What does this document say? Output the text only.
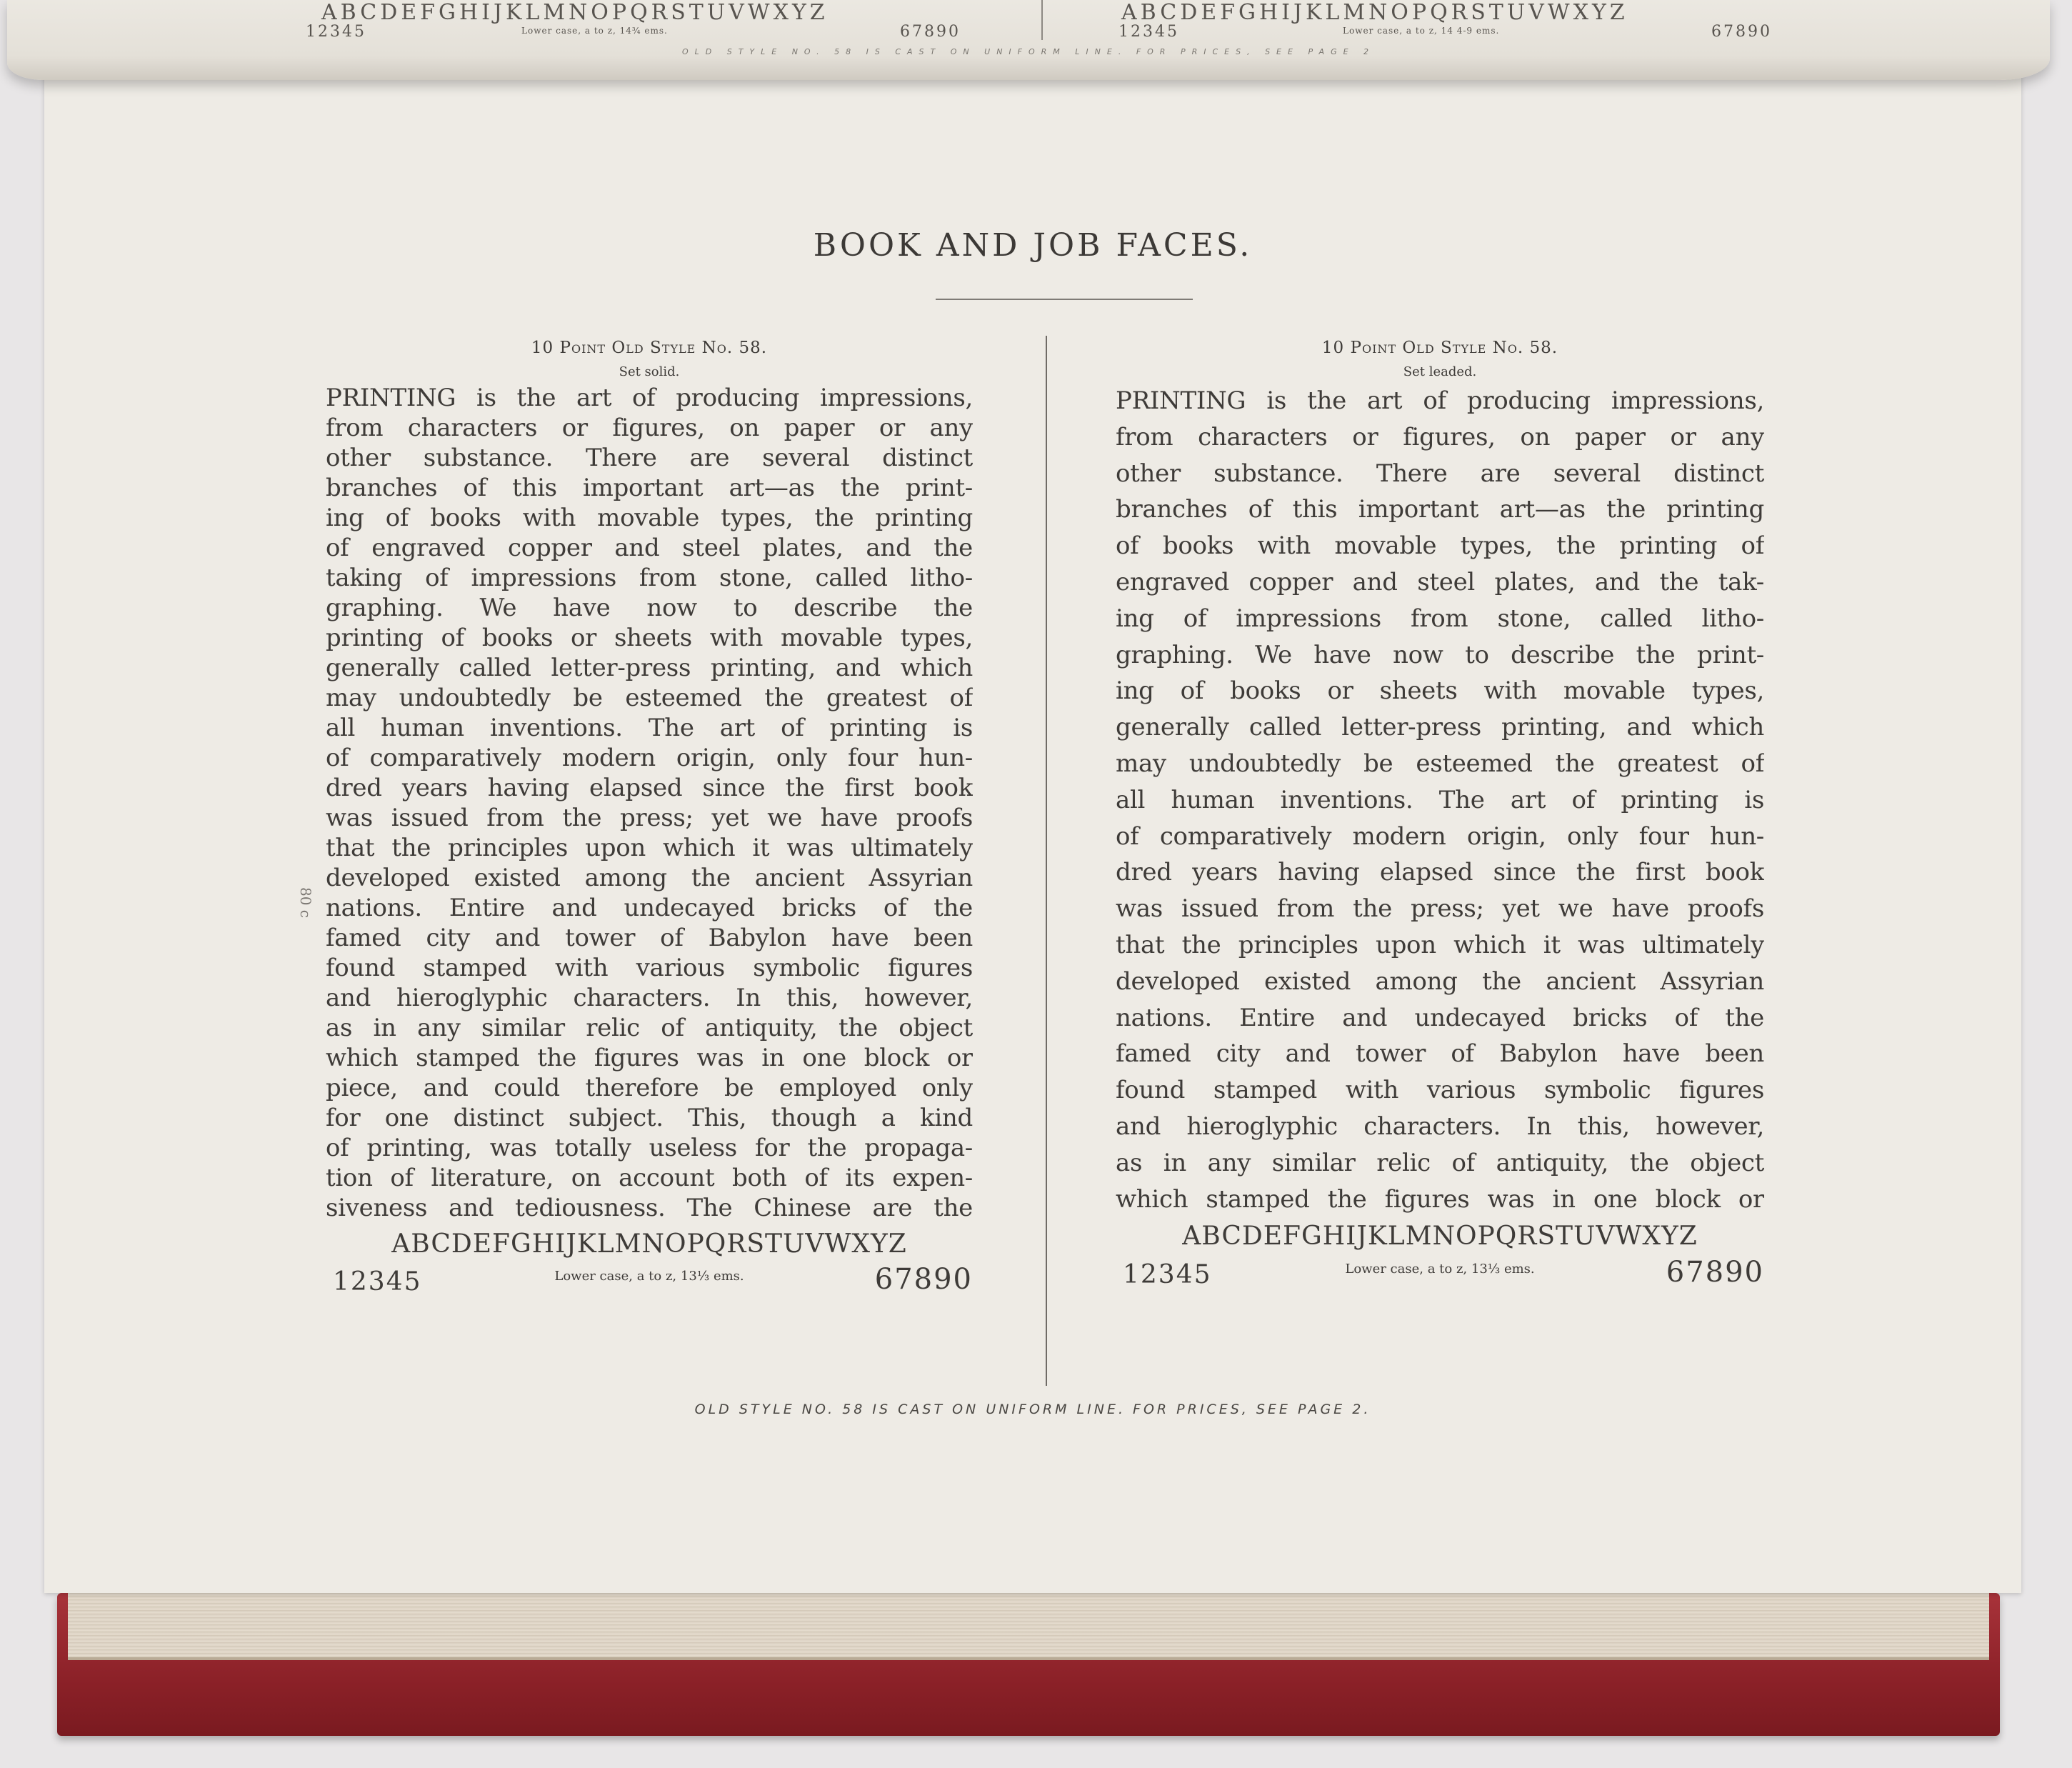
BOOK AND JOB FACES.
80 c
10 Point Old Style No. 58.
Set solid.
PRINTING is the art of producing impressions,
from characters or figures, on paper or any
other substance. There are several distinct
branches of this important art—as the print-
ing of books with movable types, the printing
of engraved copper and steel plates, and the
taking of impressions from stone, called litho-
graphing. We have now to describe the
printing of books or sheets with movable types,
generally called letter-press printing, and which
may undoubtedly be esteemed the greatest of
all human inventions. The art of printing is
of comparatively modern origin, only four hun-
dred years having elapsed since the first book
was issued from the press; yet we have proofs
that the principles upon which it was ultimately
developed existed among the ancient Assyrian
nations. Entire and undecayed bricks of the
famed city and tower of Babylon have been
found stamped with various symbolic figures
and hieroglyphic characters. In this, however,
as in any similar relic of antiquity, the object
which stamped the figures was in one block or
piece, and could therefore be employed only
for one distinct subject. This, though a kind
of printing, was totally useless for the propaga-
tion of literature, on account both of its expen-
siveness and tediousness. The Chinese are the
ABCDEFGHIJKLMNOPQRSTUVWXYZ
12345	Lower case, a to z, 13⅓ ems.	67890
10 Point Old Style No. 58.
Set leaded.
PRINTING is the art of producing impressions,
from characters or figures, on paper or any
other substance. There are several distinct
branches of this important art—as the printing
of books with movable types, the printing of
engraved copper and steel plates, and the tak-
ing of impressions from stone, called litho-
graphing. We have now to describe the print-
ing of books or sheets with movable types,
generally called letter-press printing, and which
may undoubtedly be esteemed the greatest of
all human inventions. The art of printing is
of comparatively modern origin, only four hun-
dred years having elapsed since the first book
was issued from the press; yet we have proofs
that the principles upon which it was ultimately
developed existed among the ancient Assyrian
nations. Entire and undecayed bricks of the
famed city and tower of Babylon have been
found stamped with various symbolic figures
and hieroglyphic characters. In this, however,
as in any similar relic of antiquity, the object
which stamped the figures was in one block or
ABCDEFGHIJKLMNOPQRSTUVWXYZ
12345	Lower case, a to z, 13⅓ ems.	67890
OLD STYLE NO. 58 IS CAST ON UNIFORM LINE. FOR PRICES, SEE PAGE 2.
ABCDEFGHIJKLMNOPQRSTUVWXYZ
12345	Lower case, a to z, 14¾ ems.	67890
ABCDEFGHIJKLMNOPQRSTUVWXYZ
12345	Lower case, a to z, 14 4-9 ems.	67890
OLD STYLE NO. 58 IS CAST ON UNIFORM LINE. FOR PRICES, SEE PAGE 2
